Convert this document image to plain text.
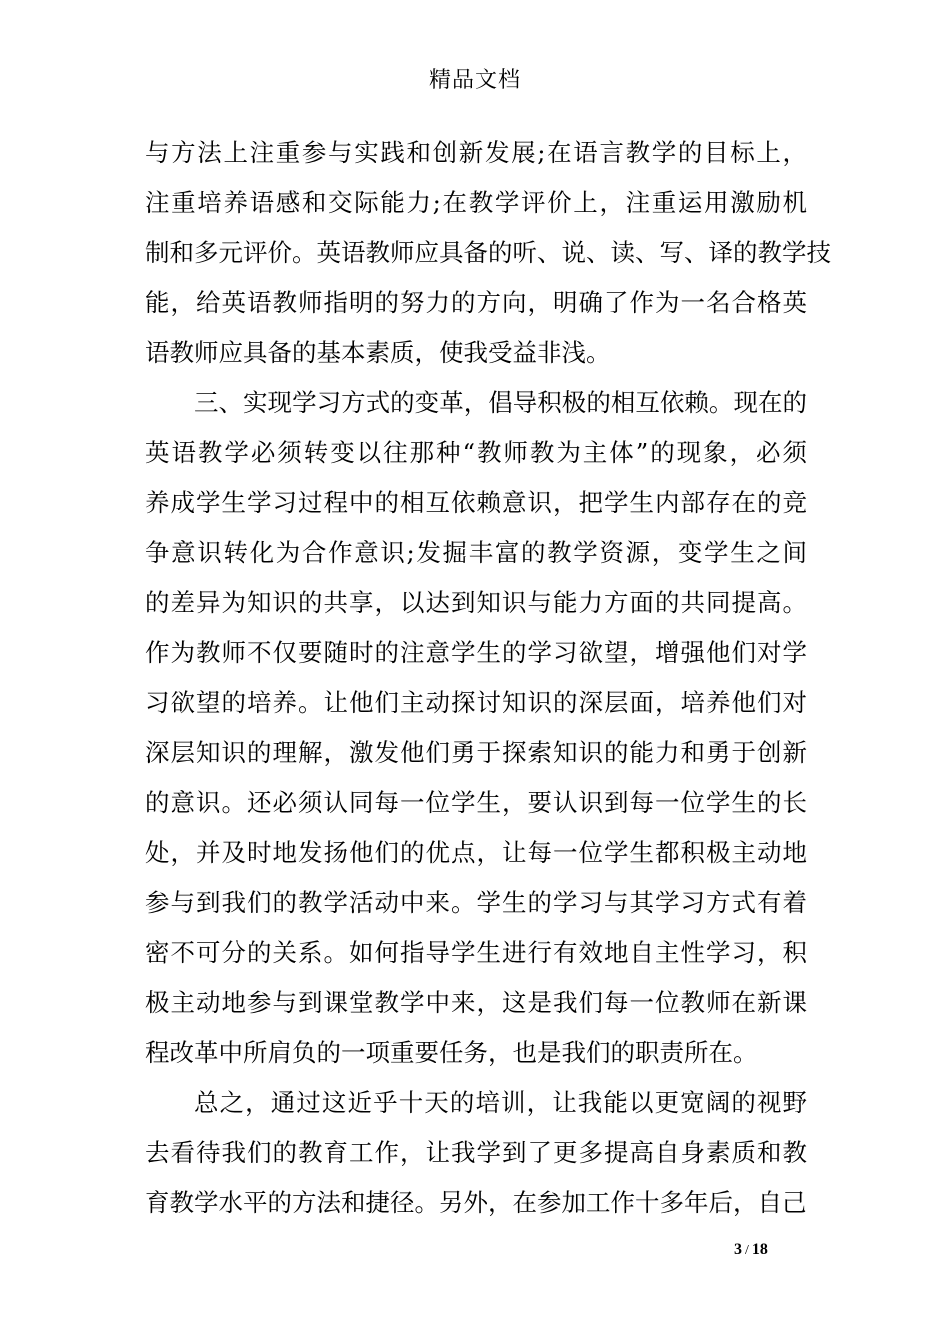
精品文档
与方法上注重参与实践和创新发展;在语言教学的目标上，
注重培养语感和交际能力;在教学评价上，注重运用激励机
制和多元评价。英语教师应具备的听、说、读、写、译的教学技
能，给英语教师指明的努力的方向，明确了作为一名合格英
语教师应具备的基本素质，使我受益非浅。
三、实现学习方式的变革，倡导积极的相互依赖。现在的
英语教学必须转变以往那种“教师教为主体”的现象，必须
养成学生学习过程中的相互依赖意识，把学生内部存在的竞
争意识转化为合作意识;发掘丰富的教学资源，变学生之间
的差异为知识的共享，以达到知识与能力方面的共同提高。
作为教师不仅要随时的注意学生的学习欲望，增强他们对学
习欲望的培养。让他们主动探讨知识的深层面，培养他们对
深层知识的理解，激发他们勇于探索知识的能力和勇于创新
的意识。还必须认同每一位学生，要认识到每一位学生的长
处，并及时地发扬他们的优点，让每一位学生都积极主动地
参与到我们的教学活动中来。学生的学习与其学习方式有着
密不可分的关系。如何指导学生进行有效地自主性学习，积
极主动地参与到课堂教学中来，这是我们每一位教师在新课
程改革中所肩负的一项重要任务，也是我们的职责所在。
总之，通过这近乎十天的培训，让我能以更宽阔的视野
去看待我们的教育工作，让我学到了更多提高自身素质和教
育教学水平的方法和捷径。另外，在参加工作十多年后，自己
3 / 18
